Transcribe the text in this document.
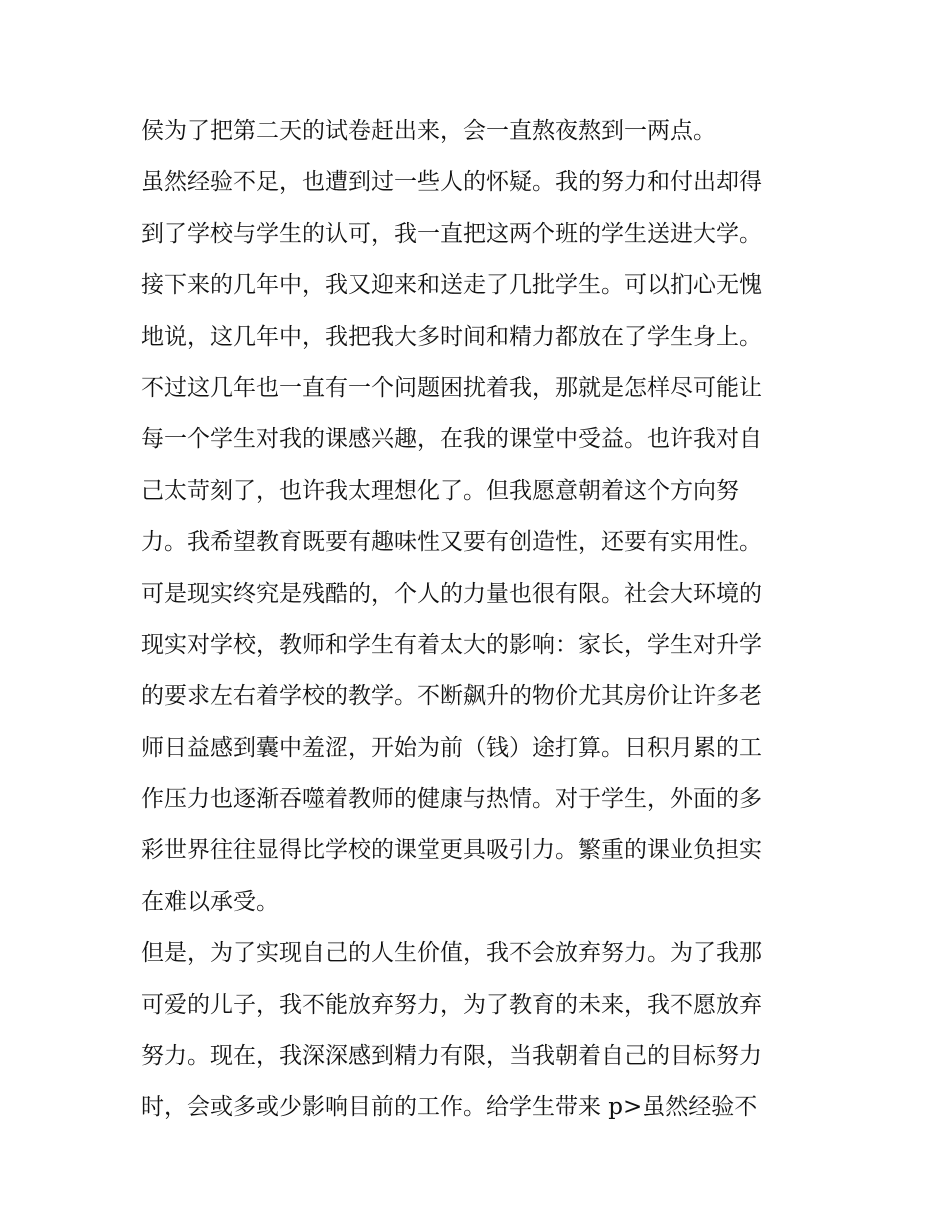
侯为了把第二天的试卷赶出来，会一直熬夜熬到一两点。
虽然经验不足，也遭到过一些人的怀疑。我的努力和付出却得
到了学校与学生的认可，我一直把这两个班的学生送进大学。
接下来的几年中，我又迎来和送走了几批学生。可以扪心无愧
地说，这几年中，我把我大多时间和精力都放在了学生身上。
不过这几年也一直有一个问题困扰着我，那就是怎样尽可能让
每一个学生对我的课感兴趣，在我的课堂中受益。也许我对自
己太苛刻了，也许我太理想化了。但我愿意朝着这个方向努
力。我希望教育既要有趣味性又要有创造性，还要有实用性。
可是现实终究是残酷的，个人的力量也很有限。社会大环境的
现实对学校，教师和学生有着太大的影响：家长，学生对升学
的要求左右着学校的教学。不断飙升的物价尤其房价让许多老
师日益感到囊中羞涩，开始为前（钱）途打算。日积月累的工
作压力也逐渐吞噬着教师的健康与热情。对于学生，外面的多
彩世界往往显得比学校的课堂更具吸引力。繁重的课业负担实
在难以承受。
但是，为了实现自己的人生价值，我不会放弃努力。为了我那
可爱的儿子，我不能放弃努力，为了教育的未来，我不愿放弃
努力。现在，我深深感到精力有限，当我朝着自己的目标努力
时，会或多或少影响目前的工作。给学生带来 p>虽然经验不
